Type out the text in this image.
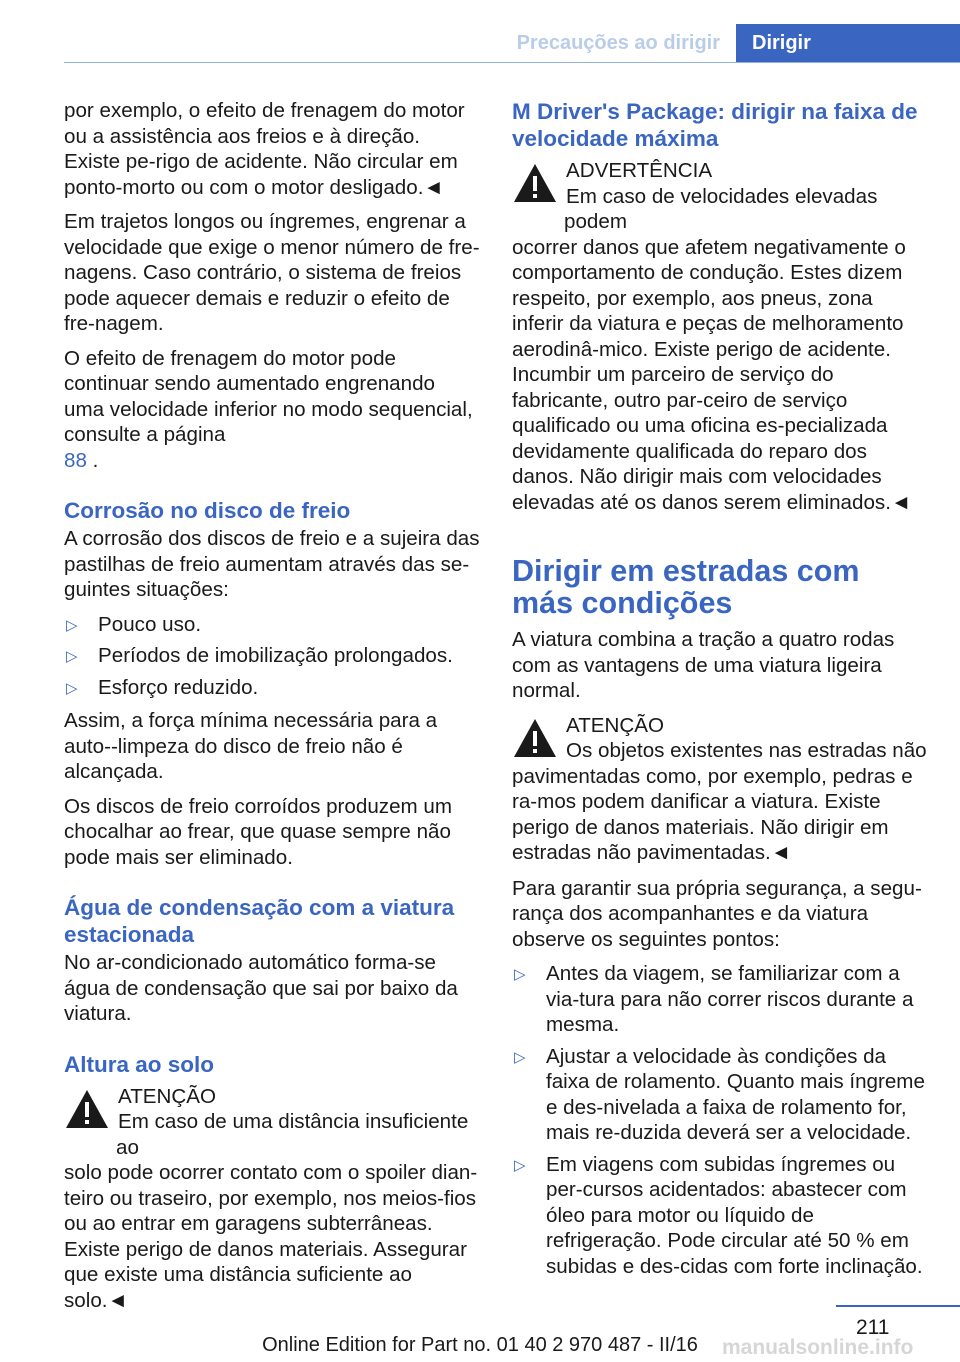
Precauções ao dirigir	Dirigir

por exemplo, o efeito de frenagem do motor ou a assistência aos freios e à direção. Existe pe‐rigo de acidente. Não circular em ponto-morto ou com o motor desligado.◄

Em trajetos longos ou íngremes, engrenar a velocidade que exige o menor número de fre‐nagens. Caso contrário, o sistema de freios pode aquecer demais e reduzir o efeito de fre‐nagem.

O efeito de frenagem do motor pode continuar sendo aumentado engrenando uma velocidade inferior no modo sequencial, consulte a página
88 .

Corrosão no disco de freio

A corrosão dos discos de freio e a sujeira das pastilhas de freio aumentam através das se‐guintes situações:

▷ Pouco uso.
▷ Períodos de imobilização prolongados.
▷ Esforço reduzido.

Assim, a força mínima necessária para a auto‐-limpeza do disco de freio não é alcançada.

Os discos de freio corroídos produzem um chocalhar ao frear, que quase sempre não pode mais ser eliminado.

Água de condensação com a viatura estacionada

No ar-condicionado automático forma-se água de condensação que sai por baixo da viatura.

Altura ao solo
ATENÇÃO
Em caso de uma distância insuficiente ao
solo pode ocorrer contato com o spoiler dian‐teiro ou traseiro, por exemplo, nos meios-fios ou ao entrar em garagens subterrâneas. Existe perigo de danos materiais. Assegurar que existe uma distância suficiente ao solo.◄
M Driver's Package: dirigir na faixa de velocidade máxima
ADVERTÊNCIA
Em caso de velocidades elevadas podem
ocorrer danos que afetem negativamente o comportamento de condução. Estes dizem respeito, por exemplo, aos pneus, zona inferir da viatura e peças de melhoramento aerodinâ‐mico. Existe perigo de acidente. Incumbir um parceiro de serviço do fabricante, outro par‐ceiro de serviço qualificado ou uma oficina es‐pecializada devidamente qualificada do reparo dos danos. Não dirigir mais com velocidades elevadas até os danos serem eliminados.◄
Dirigir em estradas com más condições

A viatura combina a tração a quatro rodas com as vantagens de uma viatura ligeira normal.

ATENÇÃO
Os objetos existentes nas estradas não
pavimentadas como, por exemplo, pedras e ra‐mos podem danificar a viatura. Existe perigo de danos materiais. Não dirigir em estradas não pavimentadas.◄

Para garantir sua própria segurança, a segu‐rança dos acompanhantes e da viatura observe os seguintes pontos:

▷ Antes da viagem, se familiarizar com a via‐tura para não correr riscos durante a mesma.
▷ Ajustar a velocidade às condições da faixa de rolamento. Quanto mais íngreme e des‐nivelada a faixa de rolamento for, mais re‐duzida deverá ser a velocidade.
▷ Em viagens com subidas íngremes ou per‐cursos acidentados: abastecer com óleo para motor ou líquido de refrigeração. Pode circular até 50 % em subidas e des‐cidas com forte inclinação.
211
manualsonline.info
Online Edition for Part no. 01 40 2 970 487 - II/16
